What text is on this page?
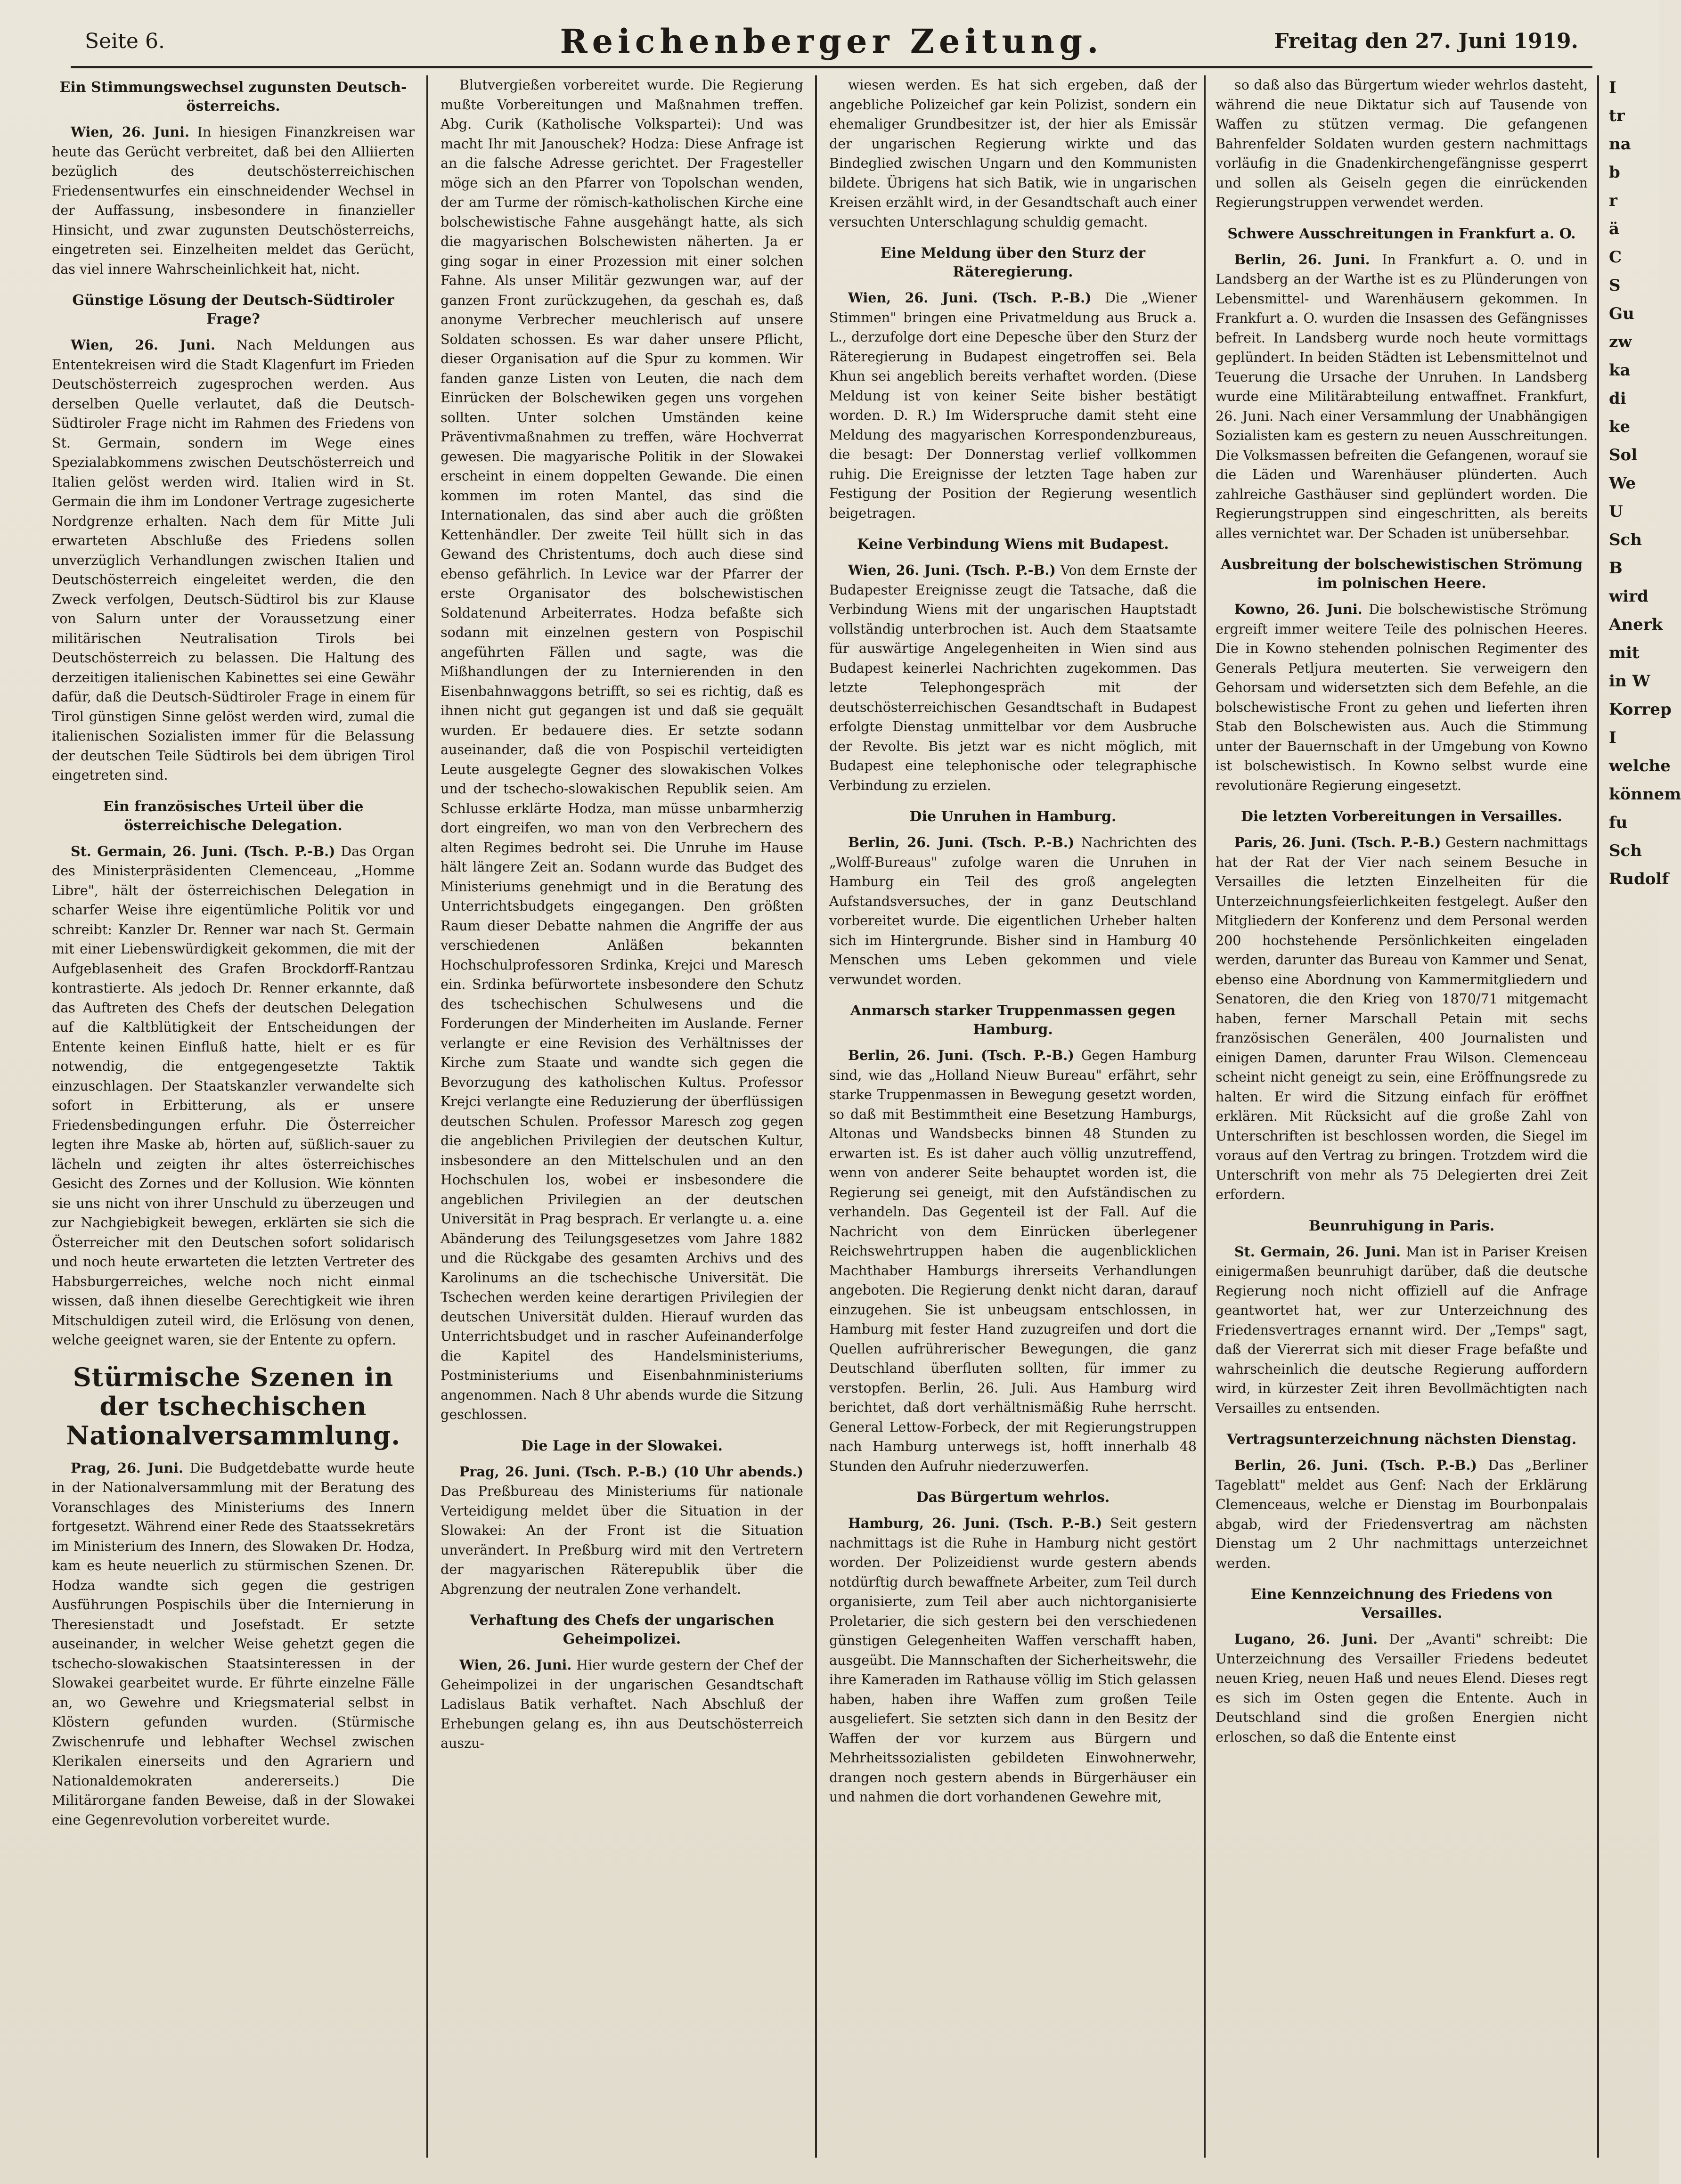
Seite 6.	Reichenberger Zeitung.	Freitag den 27. Juni 1919.
Ein Stimmungswechsel zugunsten Deutsch-österreichs.

Wien, 26. Juni. In hiesigen Finanzkreisen war heute das Gerücht verbreitet, daß bei den Alliierten bezüglich des deutschösterreichischen Friedensentwurfes ein einschneidender Wechsel in der Auffassung, insbesondere in finanzieller Hinsicht, und zwar zugunsten Deutschösterreichs, eingetreten sei. Einzelheiten meldet das Gerücht, das viel innere Wahrscheinlichkeit hat, nicht.

Günstige Lösung der Deutsch-Südtiroler Frage?

Wien, 26. Juni. Nach Meldungen aus Ententekreisen wird die Stadt Klagenfurt im Frieden Deutschösterreich zugesprochen werden. Aus derselben Quelle verlautet, daß die Deutsch-Südtiroler Frage nicht im Rahmen des Friedens von St. Germain, sondern im Wege eines Spezialabkommens zwischen Deutschösterreich und Italien gelöst werden wird. Italien wird in St. Germain die ihm im Londoner Vertrage zugesicherte Nordgrenze erhalten. Nach dem für Mitte Juli erwarteten Abschluße des Friedens sollen unverzüglich Verhandlungen zwischen Italien und Deutschösterreich eingeleitet werden, die den Zweck verfolgen, Deutsch-Südtirol bis zur Klause von Salurn unter der Voraussetzung einer militärischen Neutralisation Tirols bei Deutschösterreich zu belassen. Die Haltung des derzeitigen italienischen Kabinettes sei eine Gewähr dafür, daß die Deutsch-Südtiroler Frage in einem für Tirol günstigen Sinne gelöst werden wird, zumal die italienischen Sozialisten immer für die Belassung der deutschen Teile Südtirols bei dem übrigen Tirol eingetreten sind.

Ein französisches Urteil über die österreichische Delegation.

St. Germain, 26. Juni. (Tsch. P.-B.) Das Organ des Ministerpräsidenten Clemenceau, „Homme Libre", hält der österreichischen Delegation in scharfer Weise ihre eigentümliche Politik vor und schreibt: Kanzler Dr. Renner war nach St. Germain mit einer Liebenswürdigkeit gekommen, die mit der Aufgeblasenheit des Grafen Brockdorff-Rantzau kontrastierte. Als jedoch Dr. Renner erkannte, daß das Auftreten des Chefs der deutschen Delegation auf die Kaltblütigkeit der Entscheidungen der Entente keinen Einfluß hatte, hielt er es für notwendig, die entgegengesetzte Taktik einzuschlagen. Der Staatskanzler verwandelte sich sofort in Erbitterung, als er unsere Friedensbedingungen erfuhr. Die Österreicher legten ihre Maske ab, hörten auf, süßlich-sauer zu lächeln und zeigten ihr altes österreichisches Gesicht des Zornes und der Kollusion. Wie könnten sie uns nicht von ihrer Unschuld zu überzeugen und zur Nachgiebigkeit bewegen, erklärten sie sich die Österreicher mit den Deutschen sofort solidarisch und noch heute erwarteten die letzten Vertreter des Habsburgerreiches, welche noch nicht einmal wissen, daß ihnen dieselbe Gerechtigkeit wie ihren Mitschuldigen zuteil wird, die Erlösung von denen, welche geeignet waren, sie der Entente zu opfern.

Stürmische Szenen in der tschechischen Nationalversammlung.

Prag, 26. Juni. Die Budgetdebatte wurde heute in der Nationalversammlung mit der Beratung des Voranschlages des Ministeriums des Innern fortgesetzt. Während einer Rede des Staatssekretärs im Ministerium des Innern, des Slowaken Dr. Hodza, kam es heute neuerlich zu stürmischen Szenen. Dr. Hodza wandte sich gegen die gestrigen Ausführungen Pospischils über die Internierung in Theresienstadt und Josefstadt. Er setzte auseinander, in welcher Weise gehetzt gegen die tschecho-slowakischen Staatsinteressen in der Slowakei gearbeitet wurde. Er führte einzelne Fälle an, wo Gewehre und Kriegsmaterial selbst in Klöstern gefunden wurden. (Stürmische Zwischenrufe und lebhafter Wechsel zwischen Klerikalen einerseits und den Agrariern und Nationaldemokraten andererseits.) Die Militärorgane fanden Beweise, daß in der Slowakei eine Gegenrevolution vorbereitet wurde.

Blutvergießen vorbereitet wurde. Die Regierung mußte Vorbereitungen und Maßnahmen treffen. Abg. Curik (Katholische Volkspartei): Und was macht Ihr mit Janouschek? Hodza: Diese Anfrage ist an die falsche Adresse gerichtet. Der Fragesteller möge sich an den Pfarrer von Topolschan wenden, der am Turme der römisch-katholischen Kirche eine bolschewistische Fahne ausgehängt hatte, als sich die magyarischen Bolschewisten näherten. Ja er ging sogar in einer Prozession mit einer solchen Fahne. Als unser Militär gezwungen war, auf der ganzen Front zurückzugehen, da geschah es, daß anonyme Verbrecher meuchlerisch auf unsere Soldaten schossen. Es war daher unsere Pflicht, dieser Organisation auf die Spur zu kommen. Wir fanden ganze Listen von Leuten, die nach dem Einrücken der Bolschewiken gegen uns vorgehen sollten. Unter solchen Umständen keine Präventivmaßnahmen zu treffen, wäre Hochverrat gewesen. Die magyarische Politik in der Slowakei erscheint in einem doppelten Gewande. Die einen kommen im roten Mantel, das sind die Internationalen, das sind aber auch die größten Kettenhändler. Der zweite Teil hüllt sich in das Gewand des Christentums, doch auch diese sind ebenso gefährlich. In Levice war der Pfarrer der erste Organisator des bolschewistischen Soldatenund Arbeiterrates. Hodza befaßte sich sodann mit einzelnen gestern von Pospischil angeführten Fällen und sagte, was die Mißhandlungen der zu Internierenden in den Eisenbahnwaggons betrifft, so sei es richtig, daß es ihnen nicht gut gegangen ist und daß sie gequält wurden. Er bedauere dies. Er setzte sodann auseinander, daß die von Pospischil verteidigten Leute ausgelegte Gegner des slowakischen Volkes und der tschecho-slowakischen Republik seien. Am Schlusse erklärte Hodza, man müsse unbarmherzig dort eingreifen, wo man von den Verbrechern des alten Regimes bedroht sei. Die Unruhe im Hause hält längere Zeit an. Sodann wurde das Budget des Ministeriums genehmigt und in die Beratung des Unterrichtsbudgets eingegangen. Den größten Raum dieser Debatte nahmen die Angriffe der aus verschiedenen Anläßen bekannten Hochschulprofessoren Srdinka, Krejci und Maresch ein. Srdinka befürwortete insbesondere den Schutz des tschechischen Schulwesens und die Forderungen der Minderheiten im Auslande. Ferner verlangte er eine Revision des Verhältnisses der Kirche zum Staate und wandte sich gegen die Bevorzugung des katholischen Kultus. Professor Krejci verlangte eine Reduzierung der überflüssigen deutschen Schulen. Professor Maresch zog gegen die angeblichen Privilegien der deutschen Kultur, insbesondere an den Mittelschulen und an den Hochschulen los, wobei er insbesondere die angeblichen Privilegien an der deutschen Universität in Prag besprach. Er verlangte u. a. eine Abänderung des Teilungsgesetzes vom Jahre 1882 und die Rückgabe des gesamten Archivs und des Karolinums an die tschechische Universität. Die Tschechen werden keine derartigen Privilegien der deutschen Universität dulden. Hierauf wurden das Unterrichtsbudget und in rascher Aufeinanderfolge die Kapitel des Handelsministeriums, Postministeriums und Eisenbahnministeriums angenommen. Nach 8 Uhr abends wurde die Sitzung geschlossen.

Die Lage in der Slowakei.

Prag, 26. Juni. (Tsch. P.-B.) (10 Uhr abends.) Das Preßbureau des Ministeriums für nationale Verteidigung meldet über die Situation in der Slowakei: An der Front ist die Situation unverändert. In Preßburg wird mit den Vertretern der magyarischen Räterepublik über die Abgrenzung der neutralen Zone verhandelt.

Verhaftung des Chefs der ungarischen Geheimpolizei.

Wien, 26. Juni. Hier wurde gestern der Chef der Geheimpolizei in der ungarischen Gesandtschaft Ladislaus Batik verhaftet. Nach Abschluß der Erhebungen gelang es, ihn aus Deutschösterreich auszu-

wiesen werden. Es hat sich ergeben, daß der angebliche Polizeichef gar kein Polizist, sondern ein ehemaliger Grundbesitzer ist, der hier als Emissär der ungarischen Regierung wirkte und das Bindeglied zwischen Ungarn und den Kommunisten bildete. Übrigens hat sich Batik, wie in ungarischen Kreisen erzählt wird, in der Gesandtschaft auch einer versuchten Unterschlagung schuldig gemacht.

Eine Meldung über den Sturz der Räteregierung.

Wien, 26. Juni. (Tsch. P.-B.) Die „Wiener Stimmen" bringen eine Privatmeldung aus Bruck a. L., derzufolge dort eine Depesche über den Sturz der Räteregierung in Budapest eingetroffen sei. Bela Khun sei angeblich bereits verhaftet worden. (Diese Meldung ist von keiner Seite bisher bestätigt worden. D. R.) Im Widerspruche damit steht eine Meldung des magyarischen Korrespondenzbureaus, die besagt: Der Donnerstag verlief vollkommen ruhig. Die Ereignisse der letzten Tage haben zur Festigung der Position der Regierung wesentlich beigetragen.

Keine Verbindung Wiens mit Budapest.

Wien, 26. Juni. (Tsch. P.-B.) Von dem Ernste der Budapester Ereignisse zeugt die Tatsache, daß die Verbindung Wiens mit der ungarischen Hauptstadt vollständig unterbrochen ist. Auch dem Staatsamte für auswärtige Angelegenheiten in Wien sind aus Budapest keinerlei Nachrichten zugekommen. Das letzte Telephongespräch mit der deutschösterreichischen Gesandtschaft in Budapest erfolgte Dienstag unmittelbar vor dem Ausbruche der Revolte. Bis jetzt war es nicht möglich, mit Budapest eine telephonische oder telegraphische Verbindung zu erzielen.

Die Unruhen in Hamburg.

Berlin, 26. Juni. (Tsch. P.-B.) Nachrichten des „Wolff-Bureaus" zufolge waren die Unruhen in Hamburg ein Teil des groß angelegten Aufstandsversuches, der in ganz Deutschland vorbereitet wurde. Die eigentlichen Urheber halten sich im Hintergrunde. Bisher sind in Hamburg 40 Menschen ums Leben gekommen und viele verwundet worden.

Anmarsch starker Truppenmassen gegen Hamburg.

Berlin, 26. Juni. (Tsch. P.-B.) Gegen Hamburg sind, wie das „Holland Nieuw Bureau" erfährt, sehr starke Truppenmassen in Bewegung gesetzt worden, so daß mit Bestimmtheit eine Besetzung Hamburgs, Altonas und Wandsbecks binnen 48 Stunden zu erwarten ist. Es ist daher auch völlig unzutreffend, wenn von anderer Seite behauptet worden ist, die Regierung sei geneigt, mit den Aufständischen zu verhandeln. Das Gegenteil ist der Fall. Auf die Nachricht von dem Einrücken überlegener Reichswehrtruppen haben die augenblicklichen Machthaber Hamburgs ihrerseits Verhandlungen angeboten. Die Regierung denkt nicht daran, darauf einzugehen. Sie ist unbeugsam entschlossen, in Hamburg mit fester Hand zuzugreifen und dort die Quellen aufrührerischer Bewegungen, die ganz Deutschland überfluten sollten, für immer zu verstopfen. Berlin, 26. Juli. Aus Hamburg wird berichtet, daß dort verhältnismäßig Ruhe herrscht. General Lettow-Forbeck, der mit Regierungstruppen nach Hamburg unterwegs ist, hofft innerhalb 48 Stunden den Aufruhr niederzuwerfen.

Das Bürgertum wehrlos.

Hamburg, 26. Juni. (Tsch. P.-B.) Seit gestern nachmittags ist die Ruhe in Hamburg nicht gestört worden. Der Polizeidienst wurde gestern abends notdürftig durch bewaffnete Arbeiter, zum Teil durch organisierte, zum Teil aber auch nichtorganisierte Proletarier, die sich gestern bei den verschiedenen günstigen Gelegenheiten Waffen verschafft haben, ausgeübt. Die Mannschaften der Sicherheitswehr, die ihre Kameraden im Rathause völlig im Stich gelassen haben, haben ihre Waffen zum großen Teile ausgeliefert. Sie setzten sich dann in den Besitz der Waffen der vor kurzem aus Bürgern und Mehrheitssozialisten gebildeten Einwohnerwehr, drangen noch gestern abends in Bürgerhäuser ein und nahmen die dort vorhandenen Gewehre mit,

so daß also das Bürgertum wieder wehrlos dasteht, während die neue Diktatur sich auf Tausende von Waffen zu stützen vermag. Die gefangenen Bahrenfelder Soldaten wurden gestern nachmittags vorläufig in die Gnadenkirchengefängnisse gesperrt und sollen als Geiseln gegen die einrückenden Regierungstruppen verwendet werden.

Schwere Ausschreitungen in Frankfurt a. O.

Berlin, 26. Juni. In Frankfurt a. O. und in Landsberg an der Warthe ist es zu Plünderungen von Lebensmittel- und Warenhäusern gekommen. In Frankfurt a. O. wurden die Insassen des Gefängnisses befreit. In Landsberg wurde noch heute vormittags geplündert. In beiden Städten ist Lebensmittelnot und Teuerung die Ursache der Unruhen. In Landsberg wurde eine Militärabteilung entwaffnet. Frankfurt, 26. Juni. Nach einer Versammlung der Unabhängigen Sozialisten kam es gestern zu neuen Ausschreitungen. Die Volksmassen befreiten die Gefangenen, worauf sie die Läden und Warenhäuser plünderten. Auch zahlreiche Gasthäuser sind geplündert worden. Die Regierungstruppen sind eingeschritten, als bereits alles vernichtet war. Der Schaden ist unübersehbar.

Ausbreitung der bolschewistischen Strömung im polnischen Heere.

Kowno, 26. Juni. Die bolschewistische Strömung ergreift immer weitere Teile des polnischen Heeres. Die in Kowno stehenden polnischen Regimenter des Generals Petljura meuterten. Sie verweigern den Gehorsam und widersetzten sich dem Befehle, an die bolschewistische Front zu gehen und lieferten ihren Stab den Bolschewisten aus. Auch die Stimmung unter der Bauernschaft in der Umgebung von Kowno ist bolschewistisch. In Kowno selbst wurde eine revolutionäre Regierung eingesetzt.

Die letzten Vorbereitungen in Versailles.

Paris, 26. Juni. (Tsch. P.-B.) Gestern nachmittags hat der Rat der Vier nach seinem Besuche in Versailles die letzten Einzelheiten für die Unterzeichnungsfeierlichkeiten festgelegt. Außer den Mitgliedern der Konferenz und dem Personal werden 200 hochstehende Persönlichkeiten eingeladen werden, darunter das Bureau von Kammer und Senat, ebenso eine Abordnung von Kammermitgliedern und Senatoren, die den Krieg von 1870/71 mitgemacht haben, ferner Marschall Petain mit sechs französischen Generälen, 400 Journalisten und einigen Damen, darunter Frau Wilson. Clemenceau scheint nicht geneigt zu sein, eine Eröffnungsrede zu halten. Er wird die Sitzung einfach für eröffnet erklären. Mit Rücksicht auf die große Zahl von Unterschriften ist beschlossen worden, die Siegel im voraus auf den Vertrag zu bringen. Trotzdem wird die Unterschrift von mehr als 75 Delegierten drei Zeit erfordern.

Beunruhigung in Paris.

St. Germain, 26. Juni. Man ist in Pariser Kreisen einigermaßen beunruhigt darüber, daß die deutsche Regierung noch nicht offiziell auf die Anfrage geantwortet hat, wer zur Unterzeichnung des Friedensvertrages ernannt wird. Der „Temps" sagt, daß der Viererrat sich mit dieser Frage befaßte und wahrscheinlich die deutsche Regierung auffordern wird, in kürzester Zeit ihren Bevollmächtigten nach Versailles zu entsenden.

Vertragsunterzeichnung nächsten Dienstag.

Berlin, 26. Juni. (Tsch. P.-B.) Das „Berliner Tageblatt" meldet aus Genf: Nach der Erklärung Clemenceaus, welche er Dienstag im Bourbonpalais abgab, wird der Friedensvertrag am nächsten Dienstag um 2 Uhr nachmittags unterzeichnet werden.

Eine Kennzeichnung des Friedens von Versailles.

Lugano, 26. Juni. Der „Avanti" schreibt: Die Unterzeichnung des Versailler Friedens bedeutet neuen Krieg, neuen Haß und neues Elend. Dieses regt es sich im Osten gegen die Entente. Auch in Deutschland sind die großen Energien nicht erloschen, so daß die Entente einst

I
tr
na
b
r
ä
C
S
Gu
zw
ka
di
ke
Sol
We
U
Sch
B
wird
Anerk
mit
in W
Korrep
I
welche
könnem
fu
Sch
Rudolf
